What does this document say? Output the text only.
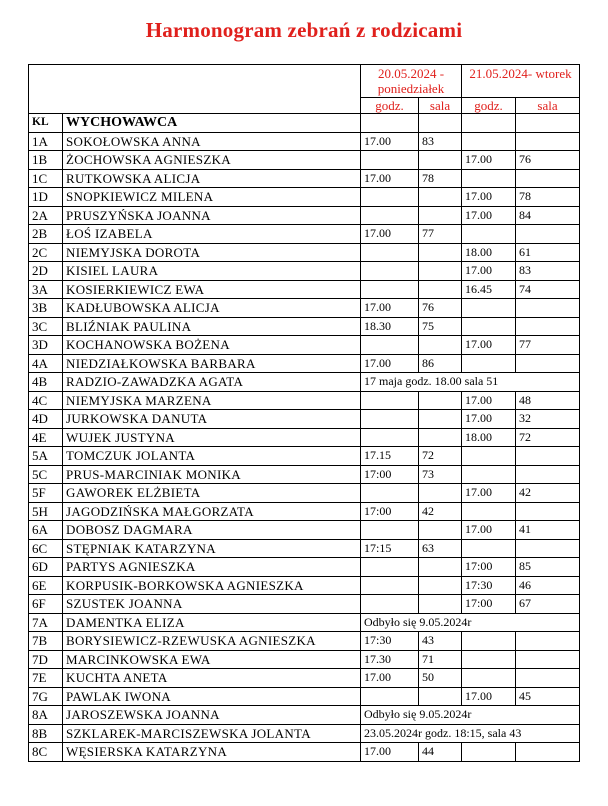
Harmonogram zebrań z rodzicami
		20.05.2024 - poniedziałek		21.05.2024- wtorek	
		godz.	sala	godz.	sala
KL	WYCHOWAWCA				
1A	SOKOŁOWSKA ANNA	17.00	83		
1B	ŻOCHOWSKA AGNIESZKA			17.00	76
1C	RUTKOWSKA ALICJA	17.00	78		
1D	SNOPKIEWICZ MILENA			17.00	78
2A	PRUSZYŃSKA JOANNA			17.00	84
2B	ŁOŚ IZABELA	17.00	77		
2C	NIEMYJSKA DOROTA			18.00	61
2D	KISIEL LAURA			17.00	83
3A	KOSIERKIEWICZ EWA			16.45	74
3B	KADŁUBOWSKA ALICJA	17.00	76		
3C	BLIŹNIAK PAULINA	18.30	75		
3D	KOCHANOWSKA BOŻENA			17.00	77
4A	NIEDZIAŁKOWSKA BARBARA	17.00	86		
4B	RADZIO-ZAWADZKA AGATA	17 maja godz. 18.00 sala 51			
4C	NIEMYJSKA MARZENA			17.00	48
4D	JURKOWSKA DANUTA			17.00	32
4E	WUJEK JUSTYNA			18.00	72
5A	TOMCZUK JOLANTA	17.15	72		
5C	PRUS-MARCINIAK MONIKA	17:00	73		
5F	GAWOREK ELŻBIETA			17.00	42
5H	JAGODZIŃSKA MAŁGORZATA	17:00	42		
6A	DOBOSZ DAGMARA			17.00	41
6C	STĘPNIAK KATARZYNA	17:15	63		
6D	PARTYS AGNIESZKA			17:00	85
6E	KORPUSIK-BORKOWSKA AGNIESZKA			17:30	46
6F	SZUSTEK JOANNA			17:00	67
7A	DAMENTKA ELIZA	Odbyło się 9.05.2024r			
7B	BORYSIEWICZ-RZEWUSKA AGNIESZKA	17:30	43		
7D	MARCINKOWSKA EWA	17.30	71		
7E	KUCHTA ANETA	17.00	50		
7G	PAWLAK IWONA			17.00	45
8A	JAROSZEWSKA JOANNA	Odbyło się 9.05.2024r			
8B	SZKLAREK-MARCISZEWSKA JOLANTA	23.05.2024r godz. 18:15, sala 43			
8C	WĘSIERSKA KATARZYNA	17.00	44		
